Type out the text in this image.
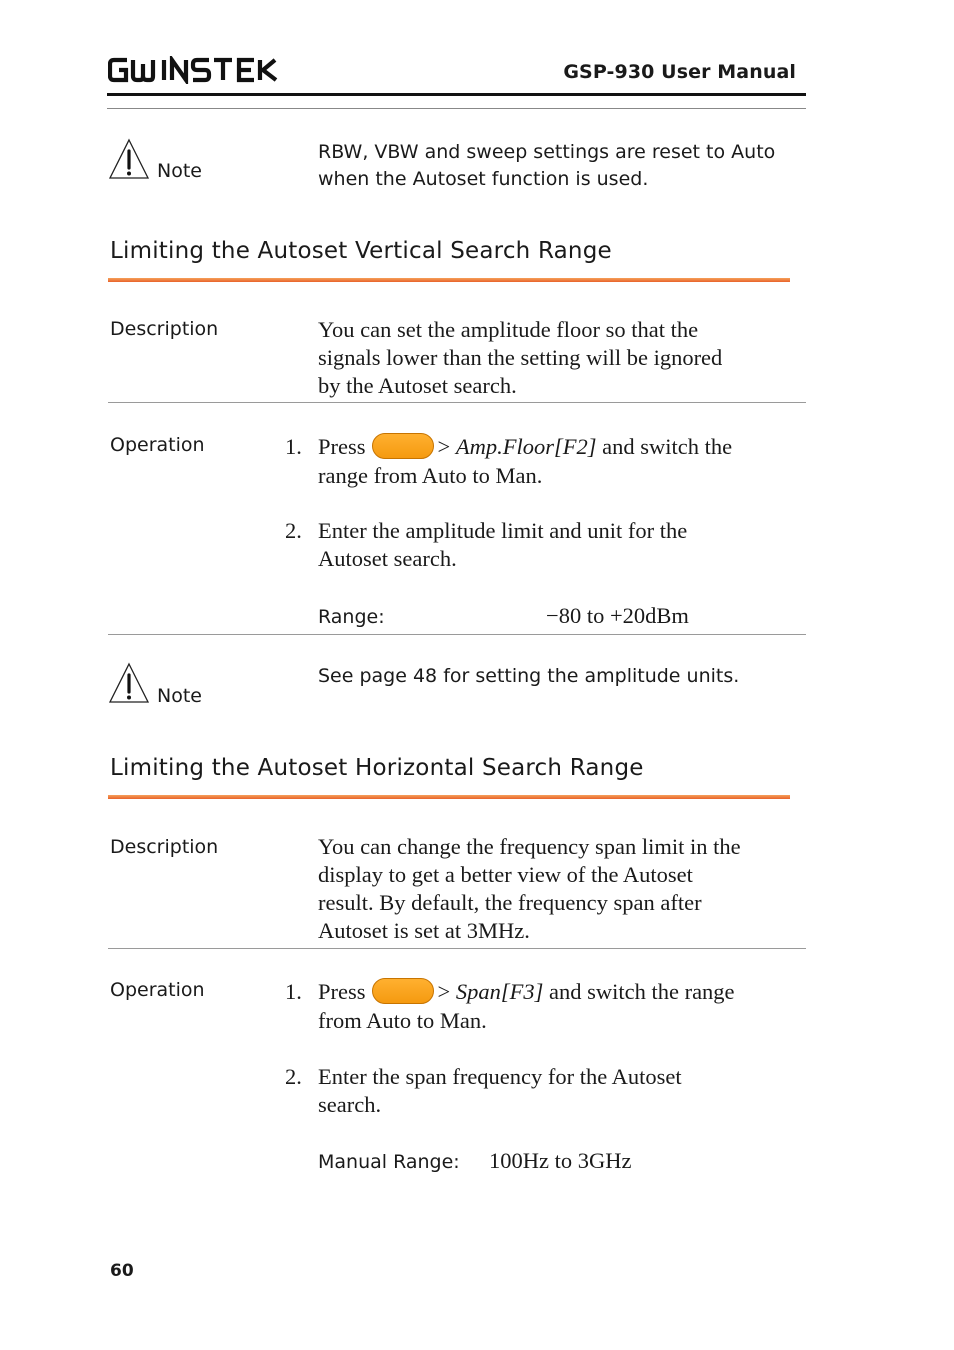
GSP-930 User Manual
Note
RBW, VBW and sweep settings are reset to Auto
when the Autoset function is used.
Limiting the Autoset Vertical Search Range
Description	You can set the amplitude floor so that the
signals lower than the setting will be ignored
by the Autoset search.
Operation	1. Press	> Amp.Floor[F2] and switch the
range from Auto to Man.
2. Enter the amplitude limit and unit for the
Autoset search.
Range:	−80 to +20dBm
Note
See page 48 for setting the amplitude units.
Limiting the Autoset Horizontal Search Range
Description	You can change the frequency span limit in the
display to get a better view of the Autoset
result. By default, the frequency span after
Autoset is set at 3MHz.
Operation	1. Press	> Span[F3] and switch the range
from Auto to Man.
2. Enter the span frequency for the Autoset
search.
Manual Range: 100Hz to 3GHz
60
